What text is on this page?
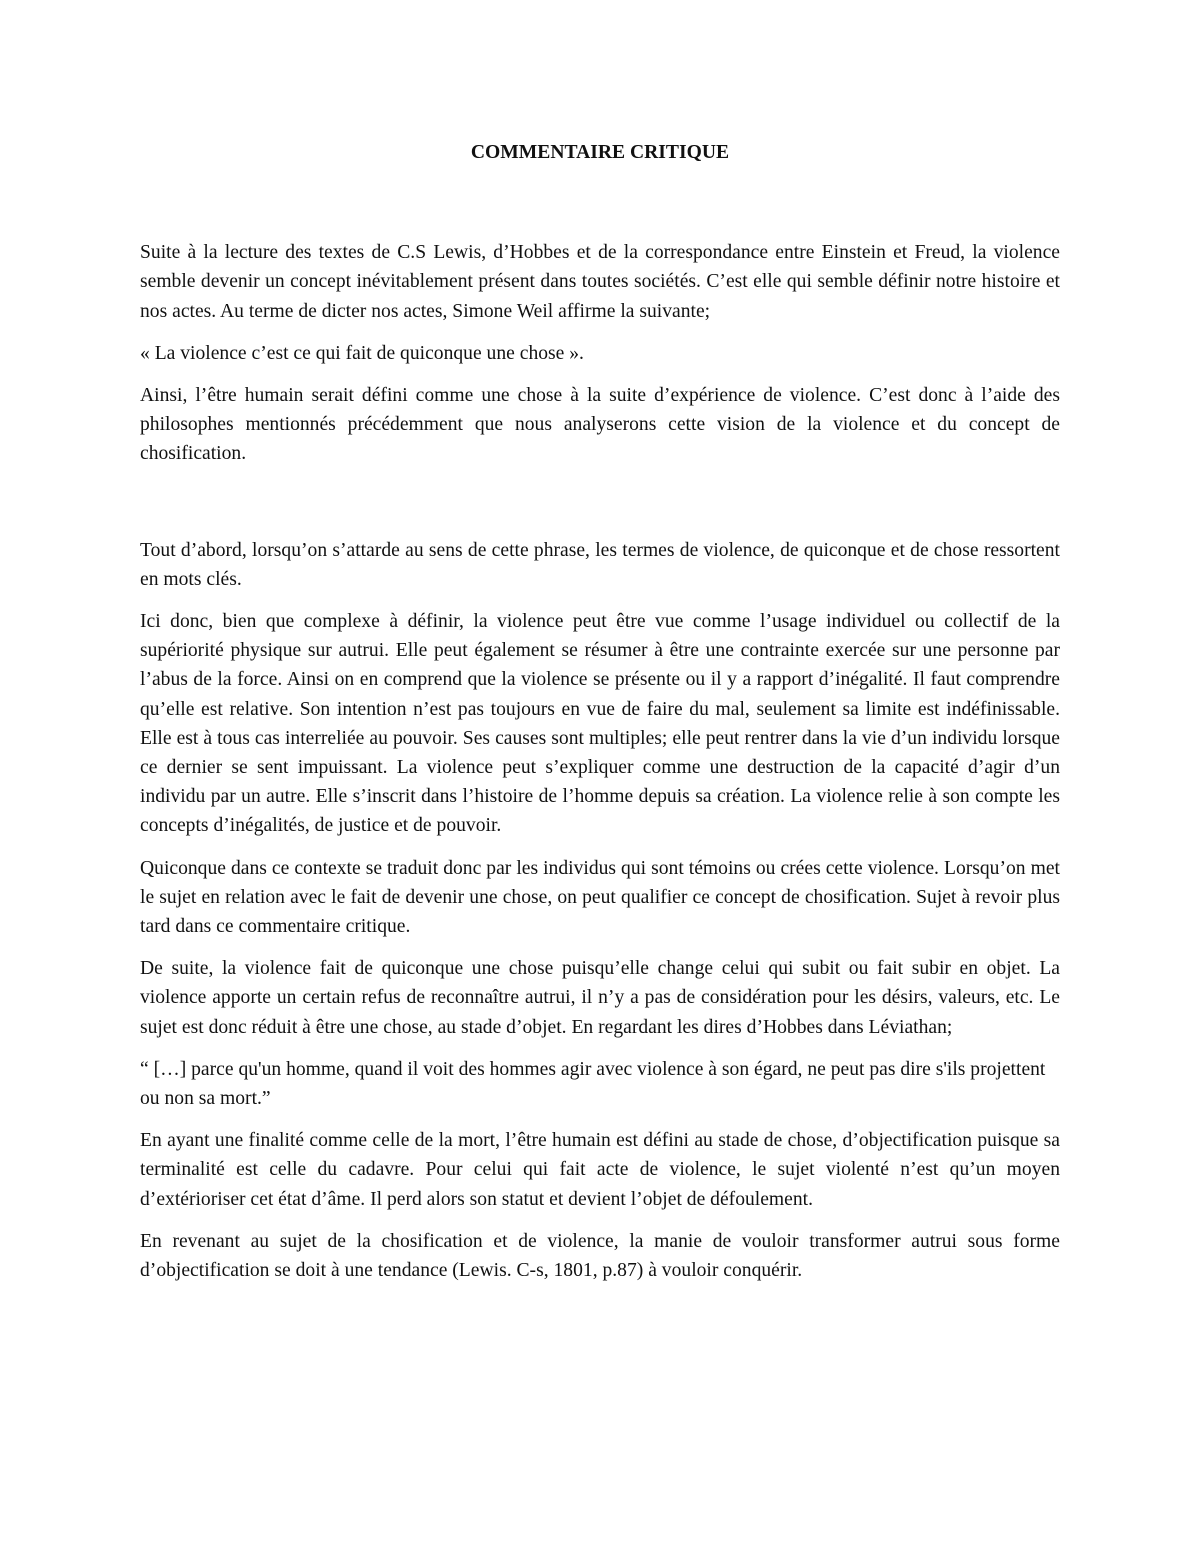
COMMENTAIRE CRITIQUE

Suite à la lecture des textes de C.S Lewis, d’Hobbes et de la correspondance entre Einstein et Freud, la violence semble devenir un concept inévitablement présent dans toutes sociétés. C’est elle qui semble définir notre histoire et nos actes. Au terme de dicter nos actes, Simone Weil affirme la suivante;

« La violence c’est ce qui fait de quiconque une chose ».

Ainsi, l’être humain serait défini comme une chose à la suite d’expérience de violence. C’est donc à l’aide des philosophes mentionnés précédemment que nous analyserons cette vision de la violence et du concept de chosification.

Tout d’abord, lorsqu’on s’attarde au sens de cette phrase, les termes de violence, de quiconque et de chose ressortent en mots clés.

Ici donc, bien que complexe à définir, la violence peut être vue comme l’usage individuel ou collectif de la supériorité physique sur autrui. Elle peut également se résumer à être une contrainte exercée sur une personne par l’abus de la force. Ainsi on en comprend que la violence se présente ou il y a rapport d’inégalité. Il faut comprendre qu’elle est relative. Son intention n’est pas toujours en vue de faire du mal, seulement sa limite est indéfinissable. Elle est à tous cas interreliée au pouvoir. Ses causes sont multiples; elle peut rentrer dans la vie d’un individu lorsque ce dernier se sent impuissant. La violence peut s’expliquer comme une destruction de la capacité d’agir d’un individu par un autre. Elle s’inscrit dans l’histoire de l’homme depuis sa création. La violence relie à son compte les concepts d’inégalités, de justice et de pouvoir.

Quiconque dans ce contexte se traduit donc par les individus qui sont témoins ou crées cette violence. Lorsqu’on met le sujet en relation avec le fait de devenir une chose, on peut qualifier ce concept de chosification. Sujet à revoir plus tard dans ce commentaire critique.

De suite, la violence fait de quiconque une chose puisqu’elle change celui qui subit ou fait subir en objet. La violence apporte un certain refus de reconnaître autrui, il n’y a pas de considération pour les désirs, valeurs, etc. Le sujet est donc réduit à être une chose, au stade d’objet. En regardant les dires d’Hobbes dans Léviathan;

“ […] parce qu'un homme, quand il voit des hommes agir avec violence à son égard, ne peut pas dire s'ils projettent ou non sa mort.”

En ayant une finalité comme celle de la mort, l’être humain est défini au stade de chose, d’objectification puisque sa terminalité est celle du cadavre. Pour celui qui fait acte de violence, le sujet violenté n’est qu’un moyen d’extérioriser cet état d’âme. Il perd alors son statut et devient l’objet de défoulement.

En revenant au sujet de la chosification et de violence, la manie de vouloir transformer autrui sous forme d’objectification se doit à une tendance (Lewis. C-s, 1801, p.87) à vouloir conquérir.
